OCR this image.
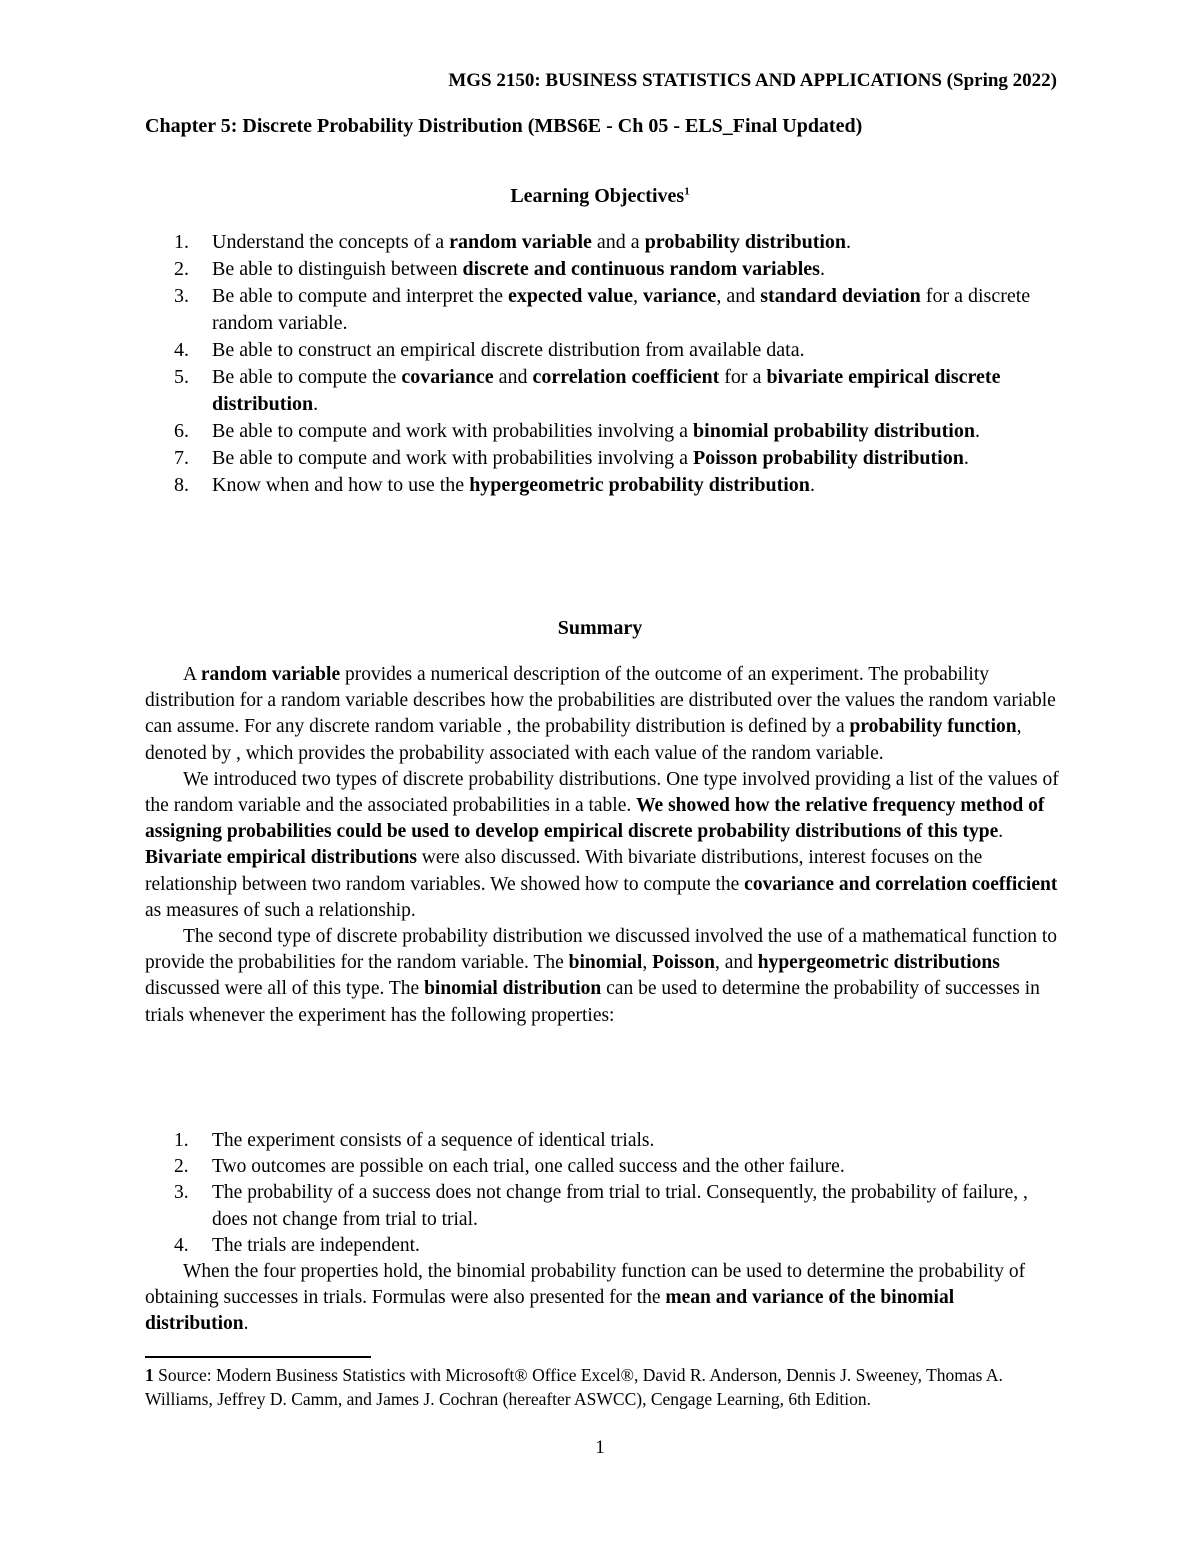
MGS 2150: BUSINESS STATISTICS AND APPLICATIONS (Spring 2022)
Chapter 5: Discrete Probability Distribution (MBS6E - Ch 05 - ELS_Final Updated)
Learning Objectives$^1$
1. Understand the concepts of a random variable and a probability distribution.
2. Be able to distinguish between discrete and continuous random variables.
3. Be able to compute and interpret the expected value, variance, and standard deviation for a discrete random variable.
4. Be able to construct an empirical discrete distribution from available data.
5. Be able to compute the covariance and correlation coefficient for a bivariate empirical discrete distribution.
6. Be able to compute and work with probabilities involving a binomial probability distribution.
7. Be able to compute and work with probabilities involving a Poisson probability distribution.
8. Know when and how to use the hypergeometric probability distribution.
Summary

A random variable provides a numerical description of the outcome of an experiment. The probability distribution for a random variable describes how the probabilities are distributed over the values the random variable can assume. For any discrete random variable , the probability distribution is defined by a probability function, denoted by , which provides the probability associated with each value of the random variable.

We introduced two types of discrete probability distributions. One type involved providing a list of the values of the random variable and the associated probabilities in a table. We showed how the relative frequency method of assigning probabilities could be used to develop empirical discrete probability distributions of this type. Bivariate empirical distributions were also discussed. With bivariate distributions, interest focuses on the relationship between two random variables. We showed how to compute the covariance and correlation coefficient as measures of such a relationship.

The second type of discrete probability distribution we discussed involved the use of a mathematical function to provide the probabilities for the random variable. The binomial, Poisson, and hypergeometric distributions discussed were all of this type. The binomial distribution can be used to determine the probability of successes in trials whenever the experiment has the following properties:

1. The experiment consists of a sequence of identical trials.
2. Two outcomes are possible on each trial, one called success and the other failure.
3. The probability of a success does not change from trial to trial. Consequently, the probability of failure, , does not change from trial to trial.
4. The trials are independent.

When the four properties hold, the binomial probability function can be used to determine the probability of obtaining successes in trials. Formulas were also presented for the mean and variance of the binomial distribution.

1 Source: Modern Business Statistics with Microsoft® Office Excel®, David R. Anderson, Dennis J. Sweeney, Thomas A. Williams, Jeffrey D. Camm, and James J. Cochran (hereafter ASWCC), Cengage Learning, 6th Edition.
1
